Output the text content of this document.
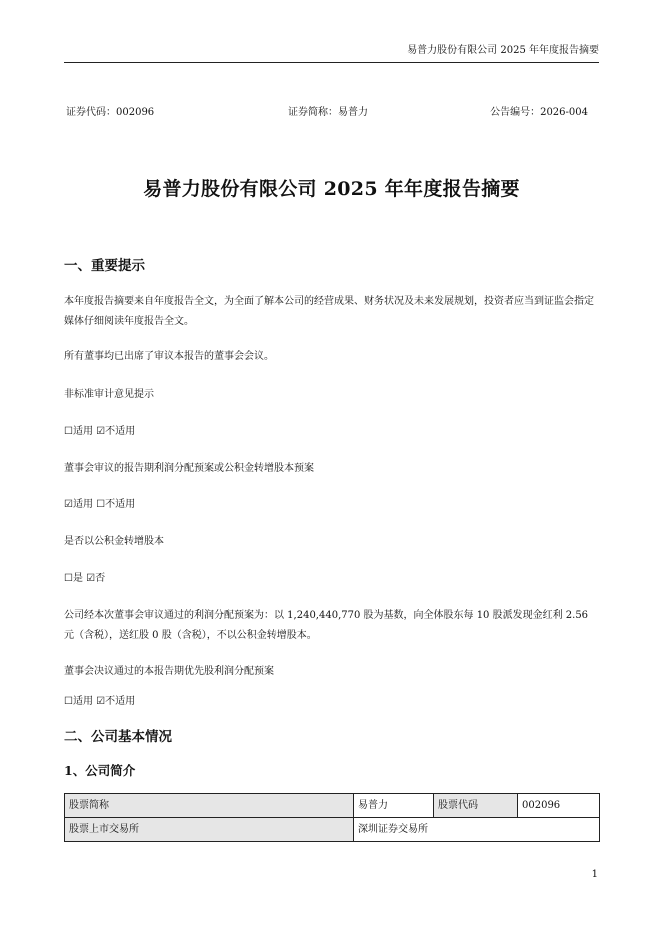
易普力股份有限公司 2025 年年度报告摘要
证券代码：002096	证券简称：易普力	公告编号：2026-004
易普力股份有限公司 2025 年年度报告摘要
一、重要提示
本年度报告摘要来自年度报告全文，为全面了解本公司的经营成果、财务状况及未来发展规划，投资者应当到证监会指定媒体仔细阅读年度报告全文。
所有董事均已出席了审议本报告的董事会会议。
非标准审计意见提示
☐适用 ☑不适用
董事会审议的报告期利润分配预案或公积金转增股本预案
☑适用 ☐不适用
是否以公积金转增股本
☐是 ☑否
公司经本次董事会审议通过的利润分配预案为：以 1,240,440,770 股为基数，向全体股东每 10 股派发现金红利 2.56 元（含税），送红股 0 股（含税），不以公积金转增股本。
董事会决议通过的本报告期优先股利润分配预案
☐适用 ☑不适用
二、公司基本情况
1、公司简介
股票简称	易普力	股票代码	002096
股票上市交易所	深圳证券交易所		
1
